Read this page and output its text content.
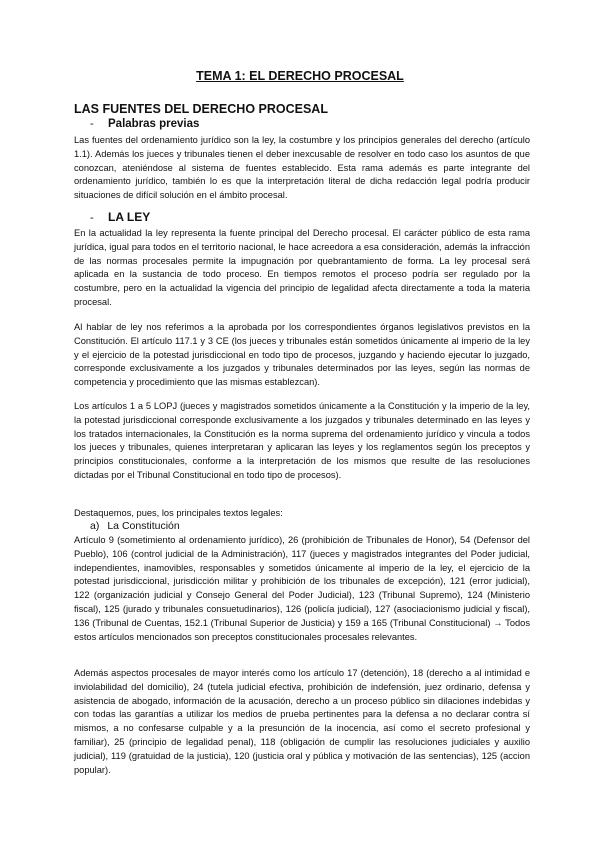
TEMA 1: EL DERECHO PROCESAL
LAS FUENTES DEL DERECHO PROCESAL
-	Palabras previas

Las fuentes del ordenamiento jurídico son la ley, la costumbre y los principios generales del derecho (artículo 1.1). Además los jueces y tribunales tienen el deber inexcusable de resolver en todo caso los asuntos de que conozcan, ateniéndose al sistema de fuentes establecido. Esta rama además es parte integrante del ordenamiento jurídico, también lo es que la interpretación literal de dicha redacción legal podría producir situaciones de difícil solución en el ámbito procesal.

-	LA LEY

En la actualidad la ley representa la fuente principal del Derecho procesal. El carácter público de esta rama jurídica, igual para todos en el territorio nacional, le hace acreedora a esa consideración, además la infracción de las normas procesales permite la impugnación por quebrantamiento de forma. La ley procesal será aplicada en la sustancia de todo proceso. En tiempos remotos el proceso podría ser regulado por la costumbre, pero en la actualidad la vigencia del principio de legalidad afecta directamente a toda la materia procesal.

Al hablar de ley nos referimos a la aprobada por los correspondientes órganos legislativos previstos en la Constitución. El artículo 117.1 y 3 CE (los jueces y tribunales están sometidos únicamente al imperio de la ley y el ejercicio de la potestad jurisdiccional en todo tipo de procesos, juzgando y haciendo ejecutar lo juzgado, corresponde exclusivamente a los juzgados y tribunales determinados por las leyes, según las normas de competencia y procedimiento que las mismas establezcan).

Los artículos 1 a 5 LOPJ (jueces y magistrados sometidos únicamente a la Constitución y la imperio de la ley, la potestad jurisdiccional corresponde exclusivamente a los juzgados y tribunales determinado en las leyes y los tratados internacionales, la Constitución es la norma suprema del ordenamiento jurídico y vincula a todos los jueces y tribunales, quienes interpretaran y aplicaran las leyes y los reglamentos según los preceptos y principios constitucionales, conforme a la interpretación de los mismos que resulte de las resoluciones dictadas por el Tribunal Constitucional en todo tipo de procesos).

Destaquemos, pues, los principales textos legales:

a) La Constitución

Artículo 9 (sometimiento al ordenamiento jurídico), 26 (prohibición de Tribunales de Honor), 54 (Defensor del Pueblo), 106 (control judicial de la Administración), 117 (jueces y magistrados integrantes del Poder judicial, independientes, inamovibles, responsables y sometidos únicamente al imperio de la ley, el ejercicio de la potestad jurisdiccional, jurisdicción militar y prohibición de los tribunales de excepción), 121 (error judicial), 122 (organización judicial y Consejo General del Poder Judicial), 123 (Tribunal Supremo), 124 (Ministerio fiscal), 125 (jurado y tribunales consuetudinarios), 126 (policía judicial), 127 (asociacionismo judicial y fiscal), 136 (Tribunal de Cuentas, 152.1 (Tribunal Superior de Justicia) y 159 a 165 (Tribunal Constitucional) → Todos estos artículos mencionados son preceptos constitucionales procesales relevantes.

Además aspectos procesales de mayor interés como los artículo 17 (detención), 18 (derecho a al intimidad e inviolabilidad del domicilio), 24 (tutela judicial efectiva, prohibición de indefensión, juez ordinario, defensa y asistencia de abogado, información de la acusación, derecho a un proceso público sin dilaciones indebidas y con todas las garantías a utilizar los medios de prueba pertinentes para la defensa a no declarar contra sí mismos, a no confesarse culpable y a la presunción de la inocencia, así como el secreto profesional y familiar), 25 (principio de legalidad penal), 118 (obligación de cumplir las resoluciones judiciales y auxilio judicial), 119 (gratuidad de la justicia), 120 (justicia oral y pública y motivación de las sentencias), 125 (accion popular).
